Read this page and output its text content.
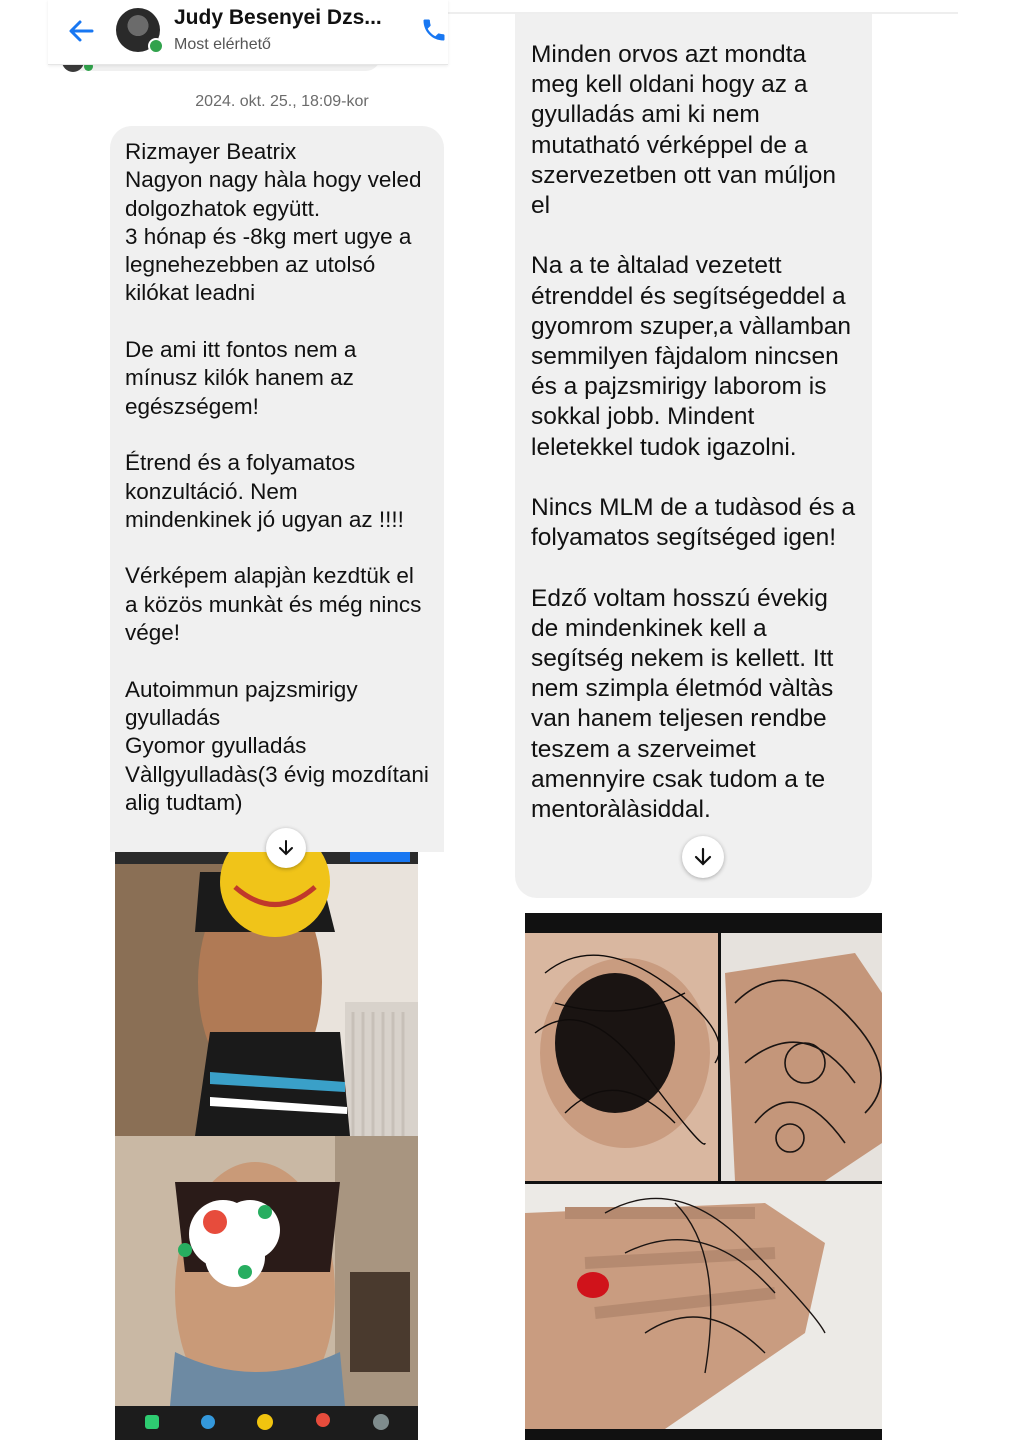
Judy Besenyei Dzs...
Most elérhető
2024. okt. 25., 18:09-kor
Rizmayer Beatrix
Nagyon nagy hàla hogy veled dolgozhatok együtt.
3 hónap és -8kg mert ugye a legnehezebben az utolsó kilókat leadni

De ami itt fontos nem a mínusz kilók hanem az egészségem!

Étrend és a folyamatos konzultáció. Nem mindenkinek jó ugyan az !!!!

Vérképem alapjàn kezdtük el a közös munkàt és még nincs vége!

Autoimmun pajzsmirigy gyulladás
Gyomor gyulladás
Vàllgyulladàs(3 évig mozdítani alig tudtam)
Minden orvos azt mondta meg kell oldani hogy az a gyulladás ami ki nem mutatható vérképpel de a szervezetben ott van múljon el

Na a te àltalad vezetett étrenddel és segítségeddel a gyomrom szuper,a vàllamban semmilyen fàjdalom nincsen és a pajzsmirigy laborom is sokkal jobb. Mindent leletekkel tudok igazolni.

Nincs MLM de a tudàsod és a folyamatos segítséged igen!

Edző voltam hosszú évekig de mindenkinek kell a segítség nekem is kellett. Itt nem szimpla életmód vàltàs van hanem teljesen rendbe teszem a szerveimet amennyire csak tudom a te mentoràlàsiddal.
